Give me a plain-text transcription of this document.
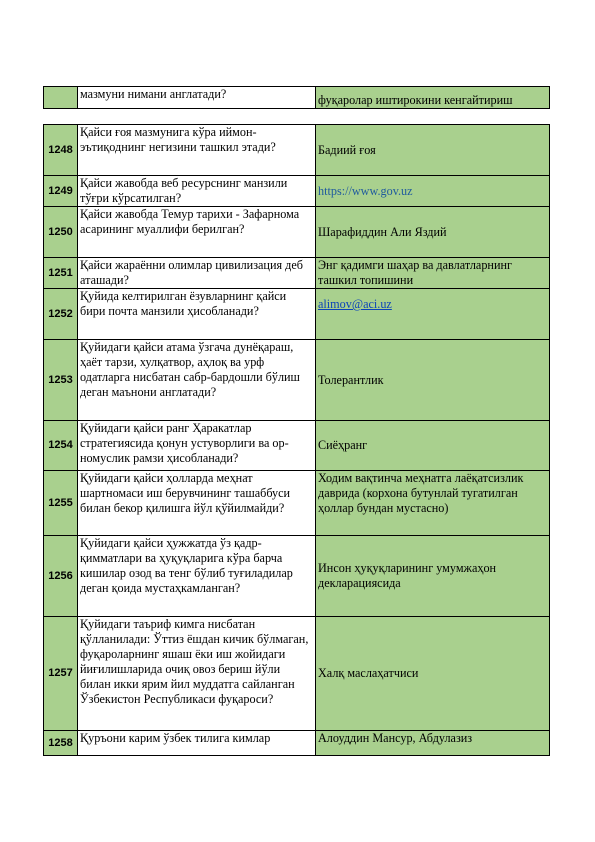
	мазмуни нимани англатади?	фуқаролар иштирокини кенгайтириш
1248	Қайси ғоя мазмунига кўра иймон-эътиқоднинг негизини ташкил этади?	Бадиий ғоя
1249	Қайси жавобда веб ресурснинг манзили тўғри кўрсатилган?	https://www.gov.uz
1250	Қайси жавобда Темур тарихи - Зафарнома асарининг муаллифи берилган?	Шарафиддин Али Яздий
1251	Қайси жараённи олимлар цивилизация деб аташади?	Энг қадимги шаҳар ва давлатларнинг ташкил топишини
1252	Қуйида келтирилган ёзувларнинг қайси бири почта манзили ҳисобланади?	alimov@aci.uz
1253	Қуйидаги қайси атама ўзгача дунёқараш, ҳаёт тарзи, хулқатвор, аҳлоқ ва урф одатларга нисбатан сабр-бардошли бўлиш деган маънони англатади?	Толерантлик
1254	Қуйидаги қайси ранг Ҳаракатлар стратегиясида қонун устуворлиги ва ор-номуслик рамзи ҳисобланади?	Сиёҳранг
1255	Қуйидаги қайси ҳолларда меҳнат шартномаси иш берувчининг ташаббуси билан бекор қилишга йўл қўйилмайди?	Ходим вақтинча меҳнатга лаёқатсизлик даврида (корхона бутунлай тугатилган ҳоллар бундан мустасно)
1256	Қуйидаги қайси ҳужжатда ўз қадр-қимматлари ва ҳуқуқларига кўра барча кишилар озод ва тенг бўлиб туғиладилар деган қоида мустаҳкамланган?	Инсон ҳуқуқларининг умумжаҳон декларациясида
1257	Қуйидаги таъриф кимга нисбатан қўлланилади: Ўттиз ёшдан кичик бўлмаган, фуқароларнинг яшаш ёки иш жойидаги йиғилишларида очиқ овоз бериш йўли билан икки ярим йил муддатга сайланган Ўзбекистон Республикаси фуқароси?	Халқ маслаҳатчиси
1258	Қуръони карим ўзбек тилига кимлар	Алоуддин Мансур, Абдулазиз
